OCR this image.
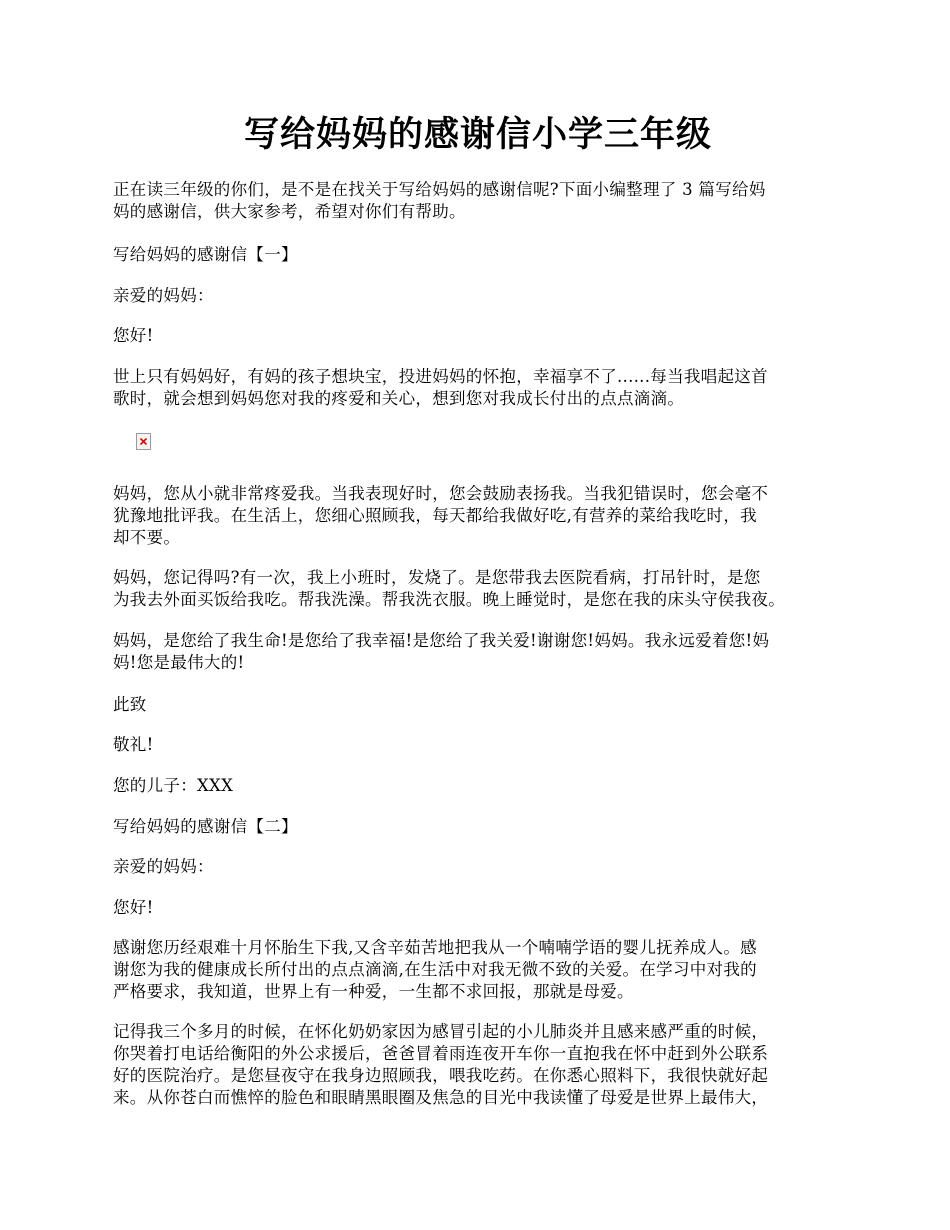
写给妈妈的感谢信小学三年级

正在读三年级的你们，是不是在找关于写给妈妈的感谢信呢?下面小编整理了 3 篇写给妈
妈的感谢信，供大家参考，希望对你们有帮助。

写给妈妈的感谢信【一】

亲爱的妈妈：

您好!

世上只有妈妈好，有妈的孩子想块宝，投进妈妈的怀抱，幸福享不了......每当我唱起这首
歌时，就会想到妈妈您对我的疼爱和关心，想到您对我成长付出的点点滴滴。

妈妈，您从小就非常疼爱我。当我表现好时，您会鼓励表扬我。当我犯错误时，您会毫不
犹豫地批评我。在生活上，您细心照顾我，每天都给我做好吃,有营养的菜给我吃时，我
却不要。

妈妈，您记得吗?有一次，我上小班时，发烧了。是您带我去医院看病，打吊针时，是您
为我去外面买饭给我吃。帮我洗澡。帮我洗衣服。晚上睡觉时，是您在我的床头守侯我夜。

妈妈，是您给了我生命!是您给了我幸福!是您给了我关爱!谢谢您!妈妈。我永远爱着您!妈
妈!您是最伟大的!

此致

敬礼!

您的儿子：XXX

写给妈妈的感谢信【二】

亲爱的妈妈：

您好!

感谢您历经艰难十月怀胎生下我,又含辛茹苦地把我从一个喃喃学语的婴儿抚养成人。感
谢您为我的健康成长所付出的点点滴滴,在生活中对我无微不致的关爱。在学习中对我的
严格要求，我知道，世界上有一种爱，一生都不求回报，那就是母爱。

记得我三个多月的时候，在怀化奶奶家因为感冒引起的小儿肺炎并且感来感严重的时候，
你哭着打电话给衡阳的外公求援后，爸爸冒着雨连夜开车你一直抱我在怀中赶到外公联系
好的医院治疗。是您昼夜守在我身边照顾我，喂我吃药。在你悉心照料下，我很快就好起
来。从你苍白而憔悴的脸色和眼睛黑眼圈及焦急的目光中我读懂了母爱是世界上最伟大，
